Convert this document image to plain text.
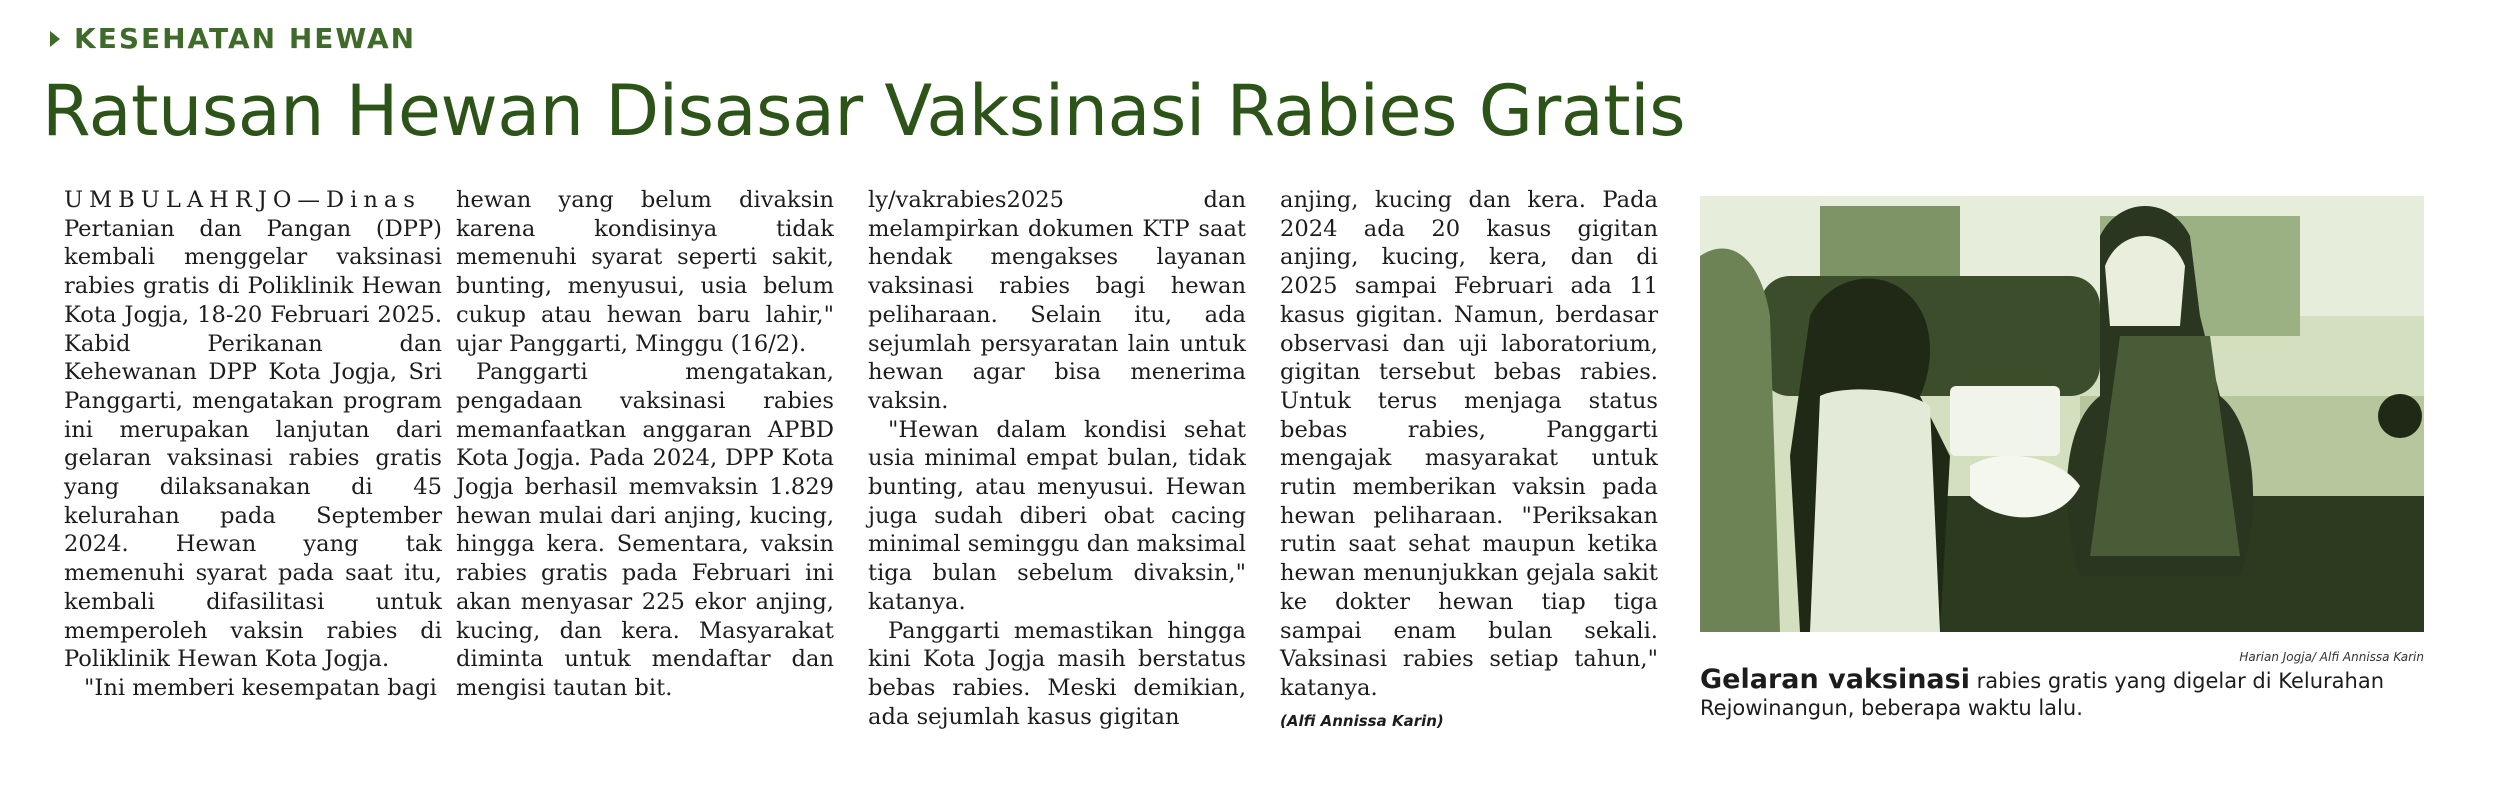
KESEHATAN HEWAN
Ratusan Hewan Disasar Vaksinasi Rabies Gratis

UMBULAHRJO—Dinas Pertanian dan Pangan (DPP) kembali menggelar vaksinasi rabies gratis di Poliklinik Hewan Kota Jogja, 18-20 Februari 2025. Kabid Perikanan dan Kehewanan DPP Kota Jogja, Sri Panggarti, mengatakan program ini merupakan lanjutan dari gelaran vaksinasi rabies gratis yang dilaksanakan di 45 kelurahan pada September 2024. Hewan yang tak memenuhi syarat pada saat itu, kembali difasilitasi untuk memperoleh vaksin rabies di Poliklinik Hewan Kota Jogja.

"Ini memberi kesempatan bagi

hewan yang belum divaksin karena kondisinya tidak memenuhi syarat seperti sakit, bunting, menyusui, usia belum cukup atau hewan baru lahir," ujar Panggarti, Minggu (16/2).

Panggarti mengatakan, pengadaan vaksinasi rabies memanfaatkan anggaran APBD Kota Jogja. Pada 2024, DPP Kota Jogja berhasil memvaksin 1.829 hewan mulai dari anjing, kucing, hingga kera. Sementara, vaksin rabies gratis pada Februari ini akan menyasar 225 ekor anjing, kucing, dan kera. Masyarakat diminta untuk mendaftar dan mengisi tautan bit.

ly/vakrabies2025 dan melampirkan dokumen KTP saat hendak mengakses layanan vaksinasi rabies bagi hewan peliharaan. Selain itu, ada sejumlah persyaratan lain untuk hewan agar bisa menerima vaksin.

"Hewan dalam kondisi sehat usia minimal empat bulan, tidak bunting, atau menyusui. Hewan juga sudah diberi obat cacing minimal seminggu dan maksimal tiga bulan sebelum divaksin," katanya.

Panggarti memastikan hingga kini Kota Jogja masih berstatus bebas rabies. Meski demikian, ada sejumlah kasus gigitan

anjing, kucing dan kera. Pada 2024 ada 20 kasus gigitan anjing, kucing, kera, dan di 2025 sampai Februari ada 11 kasus gigitan. Namun, berdasar observasi dan uji laboratorium, gigitan tersebut bebas rabies. Untuk terus menjaga status bebas rabies, Panggarti mengajak masyarakat untuk rutin memberikan vaksin pada hewan peliharaan. "Periksakan rutin saat sehat maupun ketika hewan menunjukkan gejala sakit ke dokter hewan tiap tiga sampai enam bulan sekali. Vaksinasi rabies setiap tahun," katanya.

(Alfi Annissa Karin)

Harian Jogja/ Alfi Annissa Karin
Gelaran vaksinasi rabies gratis yang digelar di Kelurahan Rejowinangun, beberapa waktu lalu.
